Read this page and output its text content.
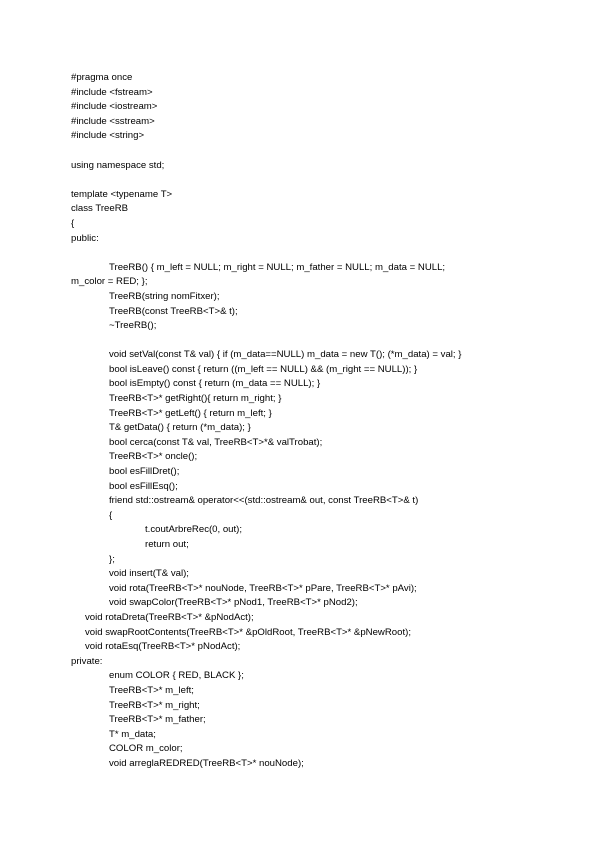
#pragma once
#include <fstream>
#include <iostream>
#include <sstream>
#include <string>
using namespace std;
template <typename T>
class TreeRB
{
public:
TreeRB() { m_left = NULL; m_right = NULL; m_father = NULL; m_data = NULL;
m_color = RED; };
TreeRB(string nomFitxer);
TreeRB(const TreeRB<T>& t);
~TreeRB();
void setVal(const T& val) { if (m_data==NULL) m_data = new T(); (*m_data) = val; }
bool isLeave() const { return ((m_left == NULL) && (m_right == NULL)); }
bool isEmpty() const { return (m_data == NULL); }
TreeRB<T>* getRight(){ return m_right; }
TreeRB<T>* getLeft() { return m_left; }
T& getData() { return (*m_data); }
bool cerca(const T& val, TreeRB<T>*& valTrobat);
TreeRB<T>* oncle();
bool esFillDret();
bool esFillEsq();
friend std::ostream& operator<<(std::ostream& out, const TreeRB<T>& t)
{
t.coutArbreRec(0, out);
return out;
};
void insert(T& val);
void rota(TreeRB<T>* nouNode, TreeRB<T>* pPare, TreeRB<T>* pAvi);
void swapColor(TreeRB<T>* pNod1, TreeRB<T>* pNod2);
void rotaDreta(TreeRB<T>* &pNodAct);
void swapRootContents(TreeRB<T>* &pOldRoot, TreeRB<T>* &pNewRoot);
void rotaEsq(TreeRB<T>* pNodAct);
private:
enum COLOR { RED, BLACK };
TreeRB<T>* m_left;
TreeRB<T>* m_right;
TreeRB<T>* m_father;
T* m_data;
COLOR m_color;
void arreglaREDRED(TreeRB<T>* nouNode);
